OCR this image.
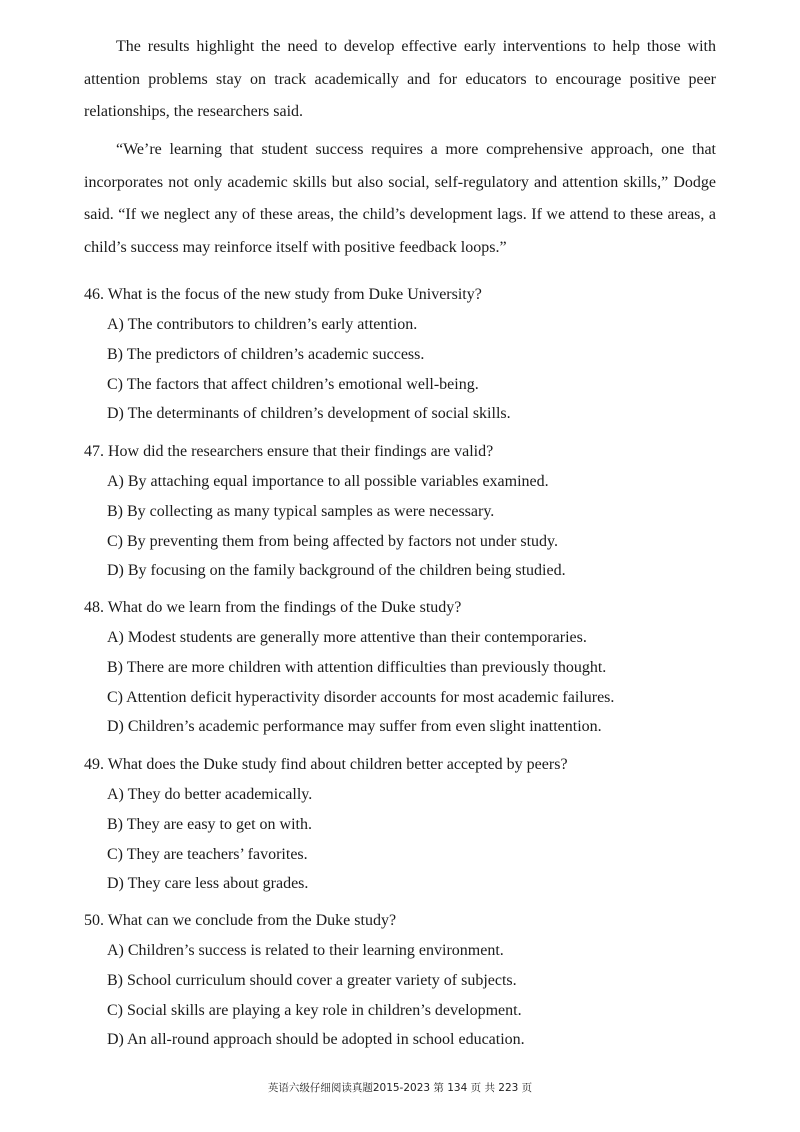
The results highlight the need to develop effective early interventions to help those with attention problems stay on track academically and for educators to encourage positive peer relationships, the researchers said.

“We’re learning that student success requires a more comprehensive approach, one that incorporates not only academic skills but also social, self-regulatory and attention skills,” Dodge said. “If we neglect any of these areas, the child’s development lags. If we attend to these areas, a child’s success may reinforce itself with positive feedback loops.”

46. What is the focus of the new study from Duke University?
A) The contributors to children’s early attention.
B) The predictors of children’s academic success.
C) The factors that affect children’s emotional well-being.
D) The determinants of children’s development of social skills.
47. How did the researchers ensure that their findings are valid?
A) By attaching equal importance to all possible variables examined.
B) By collecting as many typical samples as were necessary.
C) By preventing them from being affected by factors not under study.
D) By focusing on the family background of the children being studied.
48. What do we learn from the findings of the Duke study?
A) Modest students are generally more attentive than their contemporaries.
B) There are more children with attention difficulties than previously thought.
C) Attention deficit hyperactivity disorder accounts for most academic failures.
D) Children’s academic performance may suffer from even slight inattention.
49. What does the Duke study find about children better accepted by peers?
A) They do better academically.
B) They are easy to get on with.
C) They are teachers’ favorites.
D) They care less about grades.
50. What can we conclude from the Duke study?
A) Children’s success is related to their learning environment.
B) School curriculum should cover a greater variety of subjects.
C) Social skills are playing a key role in children’s development.
D) An all-round approach should be adopted in school education.
英语六级仔细阅读真题2015-2023 第 134 页 共 223 页
